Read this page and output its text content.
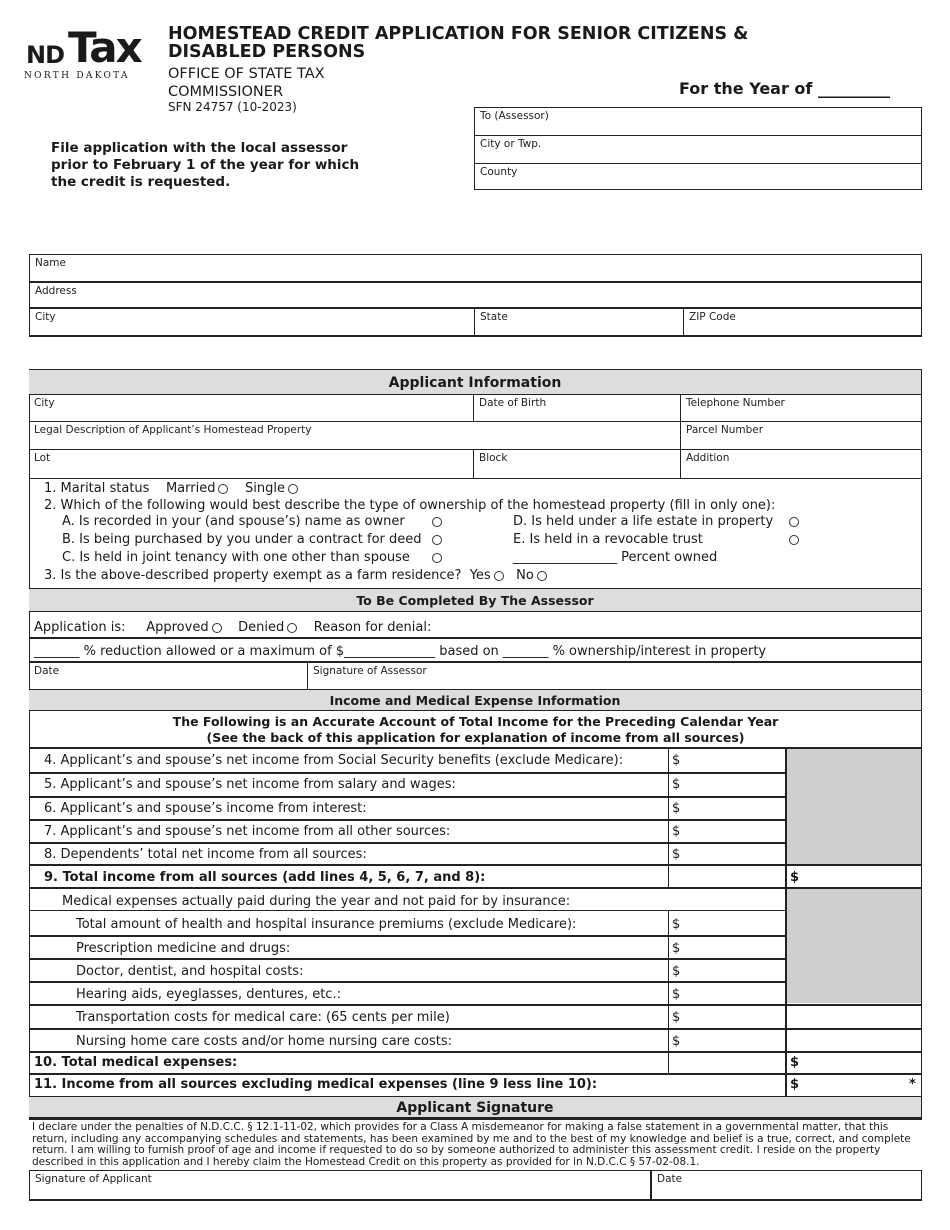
ND Tax
NORTH DAKOTA
HOMESTEAD CREDIT APPLICATION FOR SENIOR CITIZENS & DISABLED PERSONS
OFFICE OF STATE TAX COMMISSIONER
SFN 24757 (10-2023)
For the Year of _________
File application with the local assessor prior to February 1 of the year for which the credit is requested.
To (Assessor)
City or Twp.
County
Name
Address
City	State	ZIP Code
Applicant Information
City	Date of Birth	Telephone Number
Legal Description of Applicant’s Homestead Property	Parcel Number
Lot	Block	Addition
1. Marital status Married Single
2. Which of the following would best describe the type of ownership of the homestead property (fill in only one):
A. Is recorded in your (and spouse’s) name as owner
B. Is being purchased by you under a contract for deed
C. Is held in joint tenancy with one other than spouse
D. Is held under a life estate in property
E. Is held in a revocable trust
________________ Percent owned
3. Is the above-described property exempt as a farm residence? Yes No
To Be Completed By The Assessor
Application is: Approved Denied Reason for denial:
_______ % reduction allowed or a maximum of $______________ based on _______ % ownership/interest in property
Date	Signature of Assessor
Income and Medical Expense Information
The Following is an Accurate Account of Total Income for the Preceding Calendar Year
(See the back of this application for explanation of income from all sources)
Applicant Signature
I declare under the penalties of N.D.C.C. § 12.1-11-02, which provides for a Class A misdemeanor for making a false statement in a governmental matter, that this return, including any accompanying schedules and statements, has been examined by me and to the best of my knowledge and belief is a true, correct, and complete return. I am willing to furnish proof of age and income if requested to do so by someone authorized to administer this assessment credit. I reside on the property described in this application and I hereby claim the Homestead Credit on this property as provided for in N.D.C.C § 57-02-08.1.
Signature of Applicant	Date
4. Applicant’s and spouse’s net income from Social Security benefits (exclude Medicare):	$
5. Applicant’s and spouse’s net income from salary and wages:	$
6. Applicant’s and spouse’s income from interest:	$
7. Applicant’s and spouse’s net income from all other sources:	$
8. Dependents’ total net income from all sources:	$
9. Total income from all sources (add lines 4, 5, 6, 7, and 8):	$
Medical expenses actually paid during the year and not paid for by insurance:
Total amount of health and hospital insurance premiums (exclude Medicare):	$
Prescription medicine and drugs:	$
Doctor, dentist, and hospital costs:	$
Hearing aids, eyeglasses, dentures, etc.:	$
Transportation costs for medical care: (65 cents per mile)	$
Nursing home care costs and/or home nursing care costs:	$
10. Total medical expenses:	$
11. Income from all sources excluding medical expenses (line 9 less line 10):	$	*
